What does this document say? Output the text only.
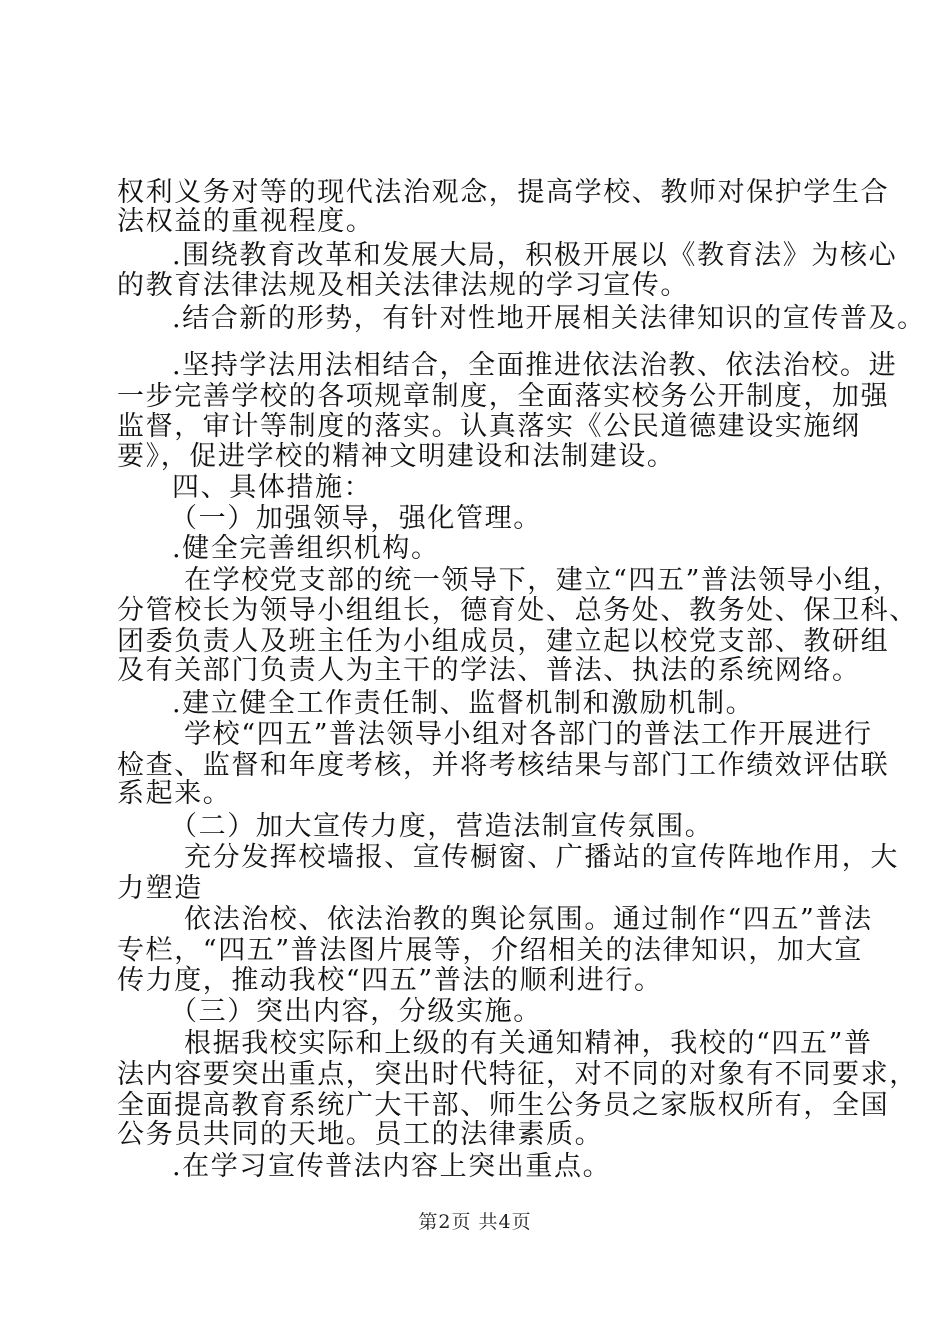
权利义务对等的现代法治观念，提高学校、教师对保护学生合
法权益的重视程度。
.围绕教育改革和发展大局，积极开展以《教育法》为核心
的教育法律法规及相关法律法规的学习宣传。
.结合新的形势，有针对性地开展相关法律知识的宣传普及。
.坚持学法用法相结合，全面推进依法治教、依法治校。进
一步完善学校的各项规章制度，全面落实校务公开制度，加强
监督，审计等制度的落实。认真落实《公民道德建设实施纲
要》，促进学校的精神文明建设和法制建设。
四、具体措施：
（一）加强领导，强化管理。
.健全完善组织机构。
在学校党支部的统一领导下，建立“四五”普法领导小组，
分管校长为领导小组组长，德育处、总务处、教务处、保卫科、
团委负责人及班主任为小组成员，建立起以校党支部、教研组
及有关部门负责人为主干的学法、普法、执法的系统网络。
.建立健全工作责任制、监督机制和激励机制。
学校“四五”普法领导小组对各部门的普法工作开展进行
检查、监督和年度考核，并将考核结果与部门工作绩效评估联
系起来。
（二）加大宣传力度，营造法制宣传氛围。
充分发挥校墙报、宣传橱窗、广播站的宣传阵地作用，大
力塑造
依法治校、依法治教的舆论氛围。通过制作“四五”普法
专栏，“四五”普法图片展等，介绍相关的法律知识，加大宣
传力度，推动我校“四五”普法的顺利进行。
（三）突出内容，分级实施。
根据我校实际和上级的有关通知精神，我校的“四五”普
法内容要突出重点，突出时代特征，对不同的对象有不同要求，
全面提高教育系统广大干部、师生公务员之家版权所有，全国
公务员共同的天地。员工的法律素质。
.在学习宣传普法内容上突出重点。
第2页 共4页
